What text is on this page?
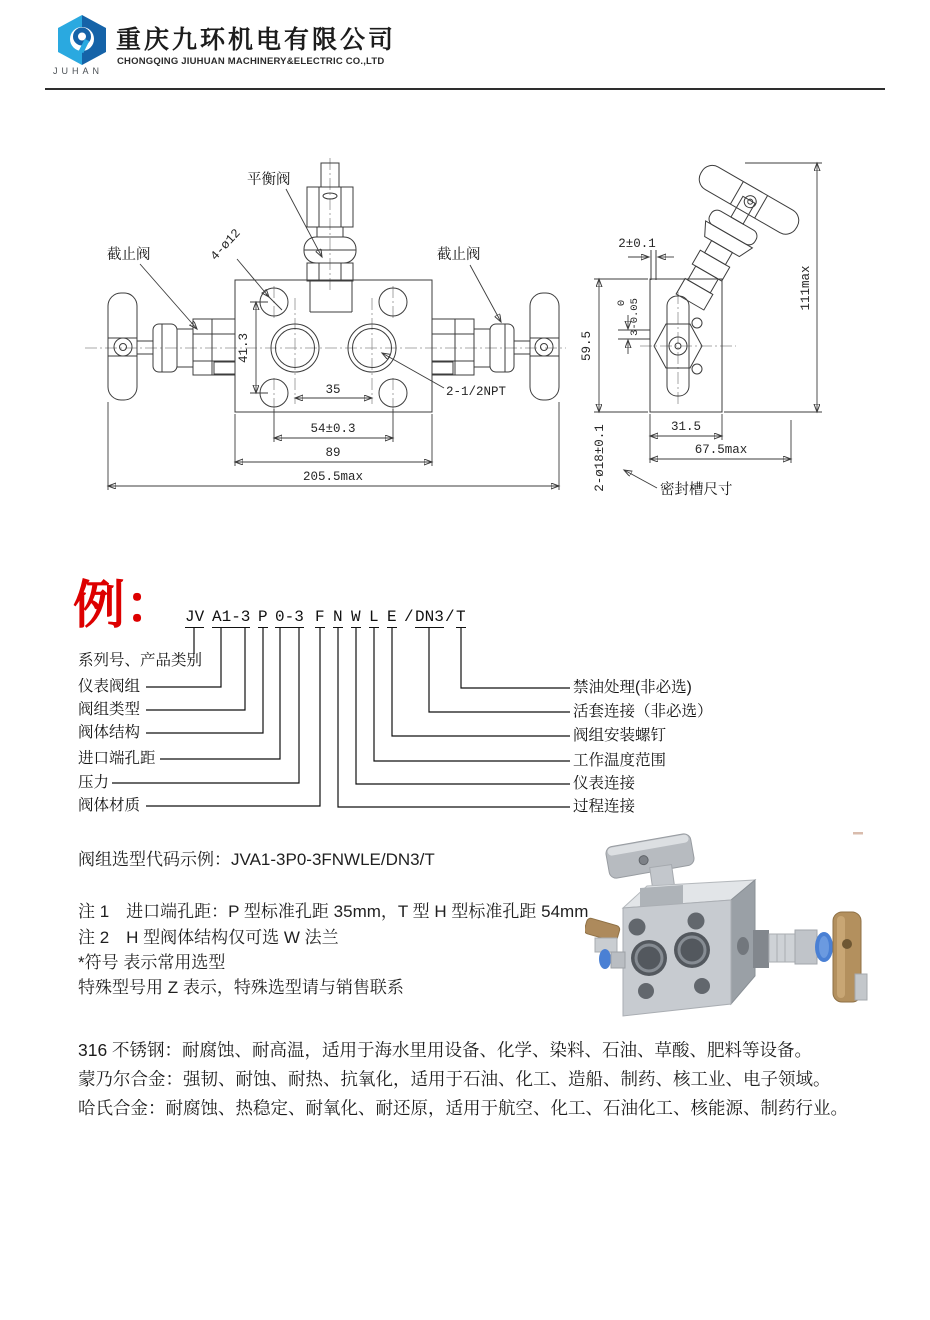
JUHAN
重庆九环机电有限公司
CHONGQING JIUHUAN MACHINERY&ELECTRIC CO.,LTD
41.3
35
54±0.3
89
205.5max
平衡阀
截止阀	截止阀
4-ø12
2-1/2NPT
2±0.1
59.5
0 3-0.05
111max
31.5
67.5max
2-ø18±0.1	密封槽尺寸
例： JV A1-3 P 0-3 F N W L E / DN3 / T
系列号、产品类别
仪表阀组
阀组类型
阀体结构
进口端孔距
压力
阀体材质
禁油处理(非必选)
活套连接（非必选）
阀组安装螺钉
工作温度范围
仪表连接
过程连接
阀组选型代码示例：JVA1-3P0-3FNWLE/DN3/T
注 1　进口端孔距：P 型标准孔距 35mm，T 型 H 型标准孔距 54mm
注 2　H 型阀体结构仅可选 W 法兰
*符号 表示常用选型
特殊型号用 Z 表示，特殊选型请与销售联系
316 不锈钢：耐腐蚀、耐高温，适用于海水里用设备、化学、染料、石油、草酸、肥料等设备。
蒙乃尔合金：强韧、耐蚀、耐热、抗氧化，适用于石油、化工、造船、制药、核工业、电子领域。
哈氏合金：耐腐蚀、热稳定、耐氧化、耐还原，适用于航空、化工、石油化工、核能源、制药行业。
